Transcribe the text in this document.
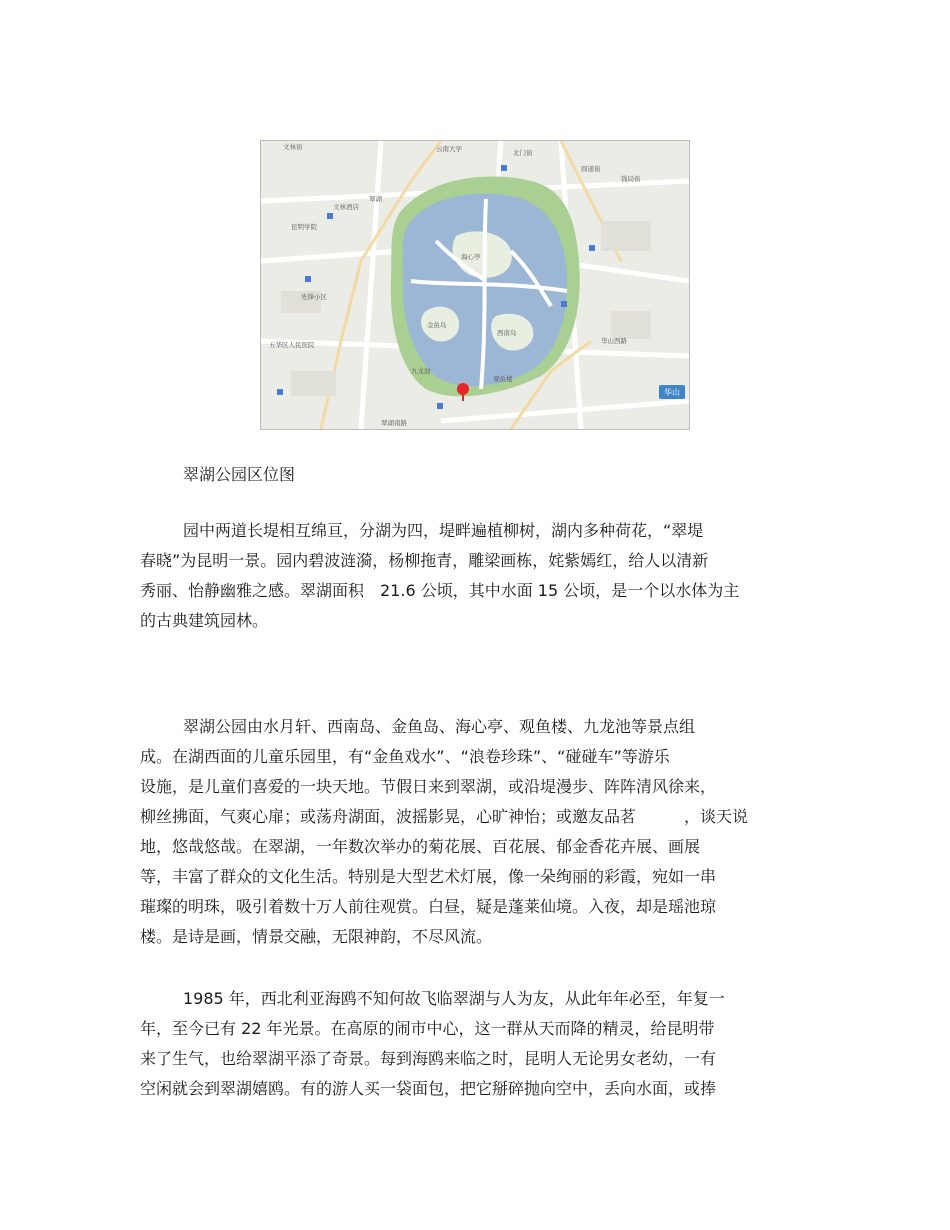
文林街
北门街
云南大学
昆明学院
五华区人民医院	华山西路
翠湖南路
钱局街
先锋小区
文林酒店
翠湖
圆通街
海心亭
金鱼岛
西南岛
观鱼楼
九龙池
华山
翠湖公园区位图
园中两道长堤相互绵亘，分湖为四，堤畔遍植柳树，湖内多种荷花，“翠堤
春晓”为昆明一景。园内碧波涟漪，杨柳拖青，雕梁画栋，姹紫嫣红，给人以清新
秀丽、怡静幽雅之感。翠湖面积　21.6 公顷，其中水面 15 公顷，是一个以水体为主
的古典建筑园林。
翠湖公园由水月轩、西南岛、金鱼岛、海心亭、观鱼楼、九龙池等景点组
成。在湖西面的儿童乐园里，有“金鱼戏水”、“浪卷珍珠”、“碰碰车”等游乐
设施，是儿童们喜爱的一块天地。节假日来到翠湖，或沿堤漫步、阵阵清风徐来，
柳丝拂面，气爽心扉；或荡舟湖面，波摇影晃，心旷神怡；或邀友品茗　　　，谈天说
地，悠哉悠哉。在翠湖，一年数次举办的菊花展、百花展、郁金香花卉展、画展
等，丰富了群众的文化生活。特别是大型艺术灯展，像一朵绚丽的彩霞，宛如一串
璀璨的明珠，吸引着数十万人前往观赏。白昼，疑是蓬莱仙境。入夜，却是瑶池琼
楼。是诗是画，情景交融，无限神韵，不尽风流。
1985 年，西北利亚海鸥不知何故飞临翠湖与人为友，从此年年必至，年复一
年，至今已有 22 年光景。在高原的闹市中心，这一群从天而降的精灵，给昆明带
来了生气，也给翠湖平添了奇景。每到海鸥来临之时，昆明人无论男女老幼，一有
空闲就会到翠湖嬉鸥。有的游人买一袋面包，把它掰碎抛向空中，丢向水面，或捧
